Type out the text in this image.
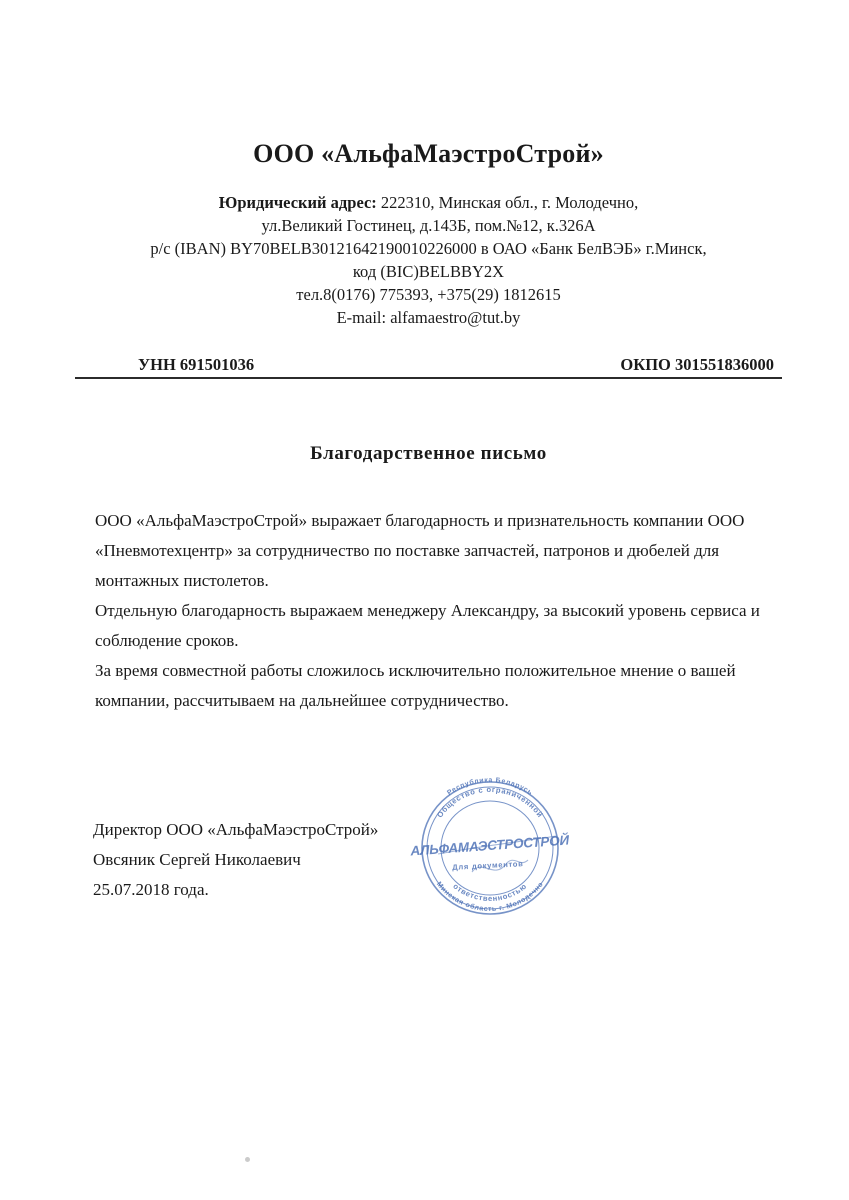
ООО «АльфаМаэстроСтрой»
Юридический адрес: 222310, Минская обл., г. Молодечно,
ул.Великий Гостинец, д.143Б, пом.№12, к.326А
р/с (IBAN) BY70BELB30121642190010226000 в ОАО «Банк БелВЭБ» г.Минск,
код (BIC)BELBBY2X
тел.8(0176) 775393, +375(29) 1812615
E-mail: alfamaestro@tut.by
УНН 691501036	ОКПО 301551836000
Благодарственное письмо

ООО «АльфаМаэстроСтрой» выражает благодарность и признательность компании ООО «Пневмотехцентр» за сотрудничество по поставке запчастей, патронов и дюбелей для монтажных пистолетов.

Отдельную благодарность выражаем менеджеру Александру, за высокий уровень сервиса и соблюдение сроков.

За время совместной работы сложилось исключительно положительное мнение о вашей компании, рассчитываем на дальнейшее сотрудничество.

Директор ООО «АльфаМаэстроСтрой»
Овсяник Сергей Николаевич
25.07.2018 года.
Республика Беларусь
Минская область г. Молодечно
Общество с ограниченной
ответственностью
АЛЬФАМАЭСТРОСТРОЙ
Для документов
